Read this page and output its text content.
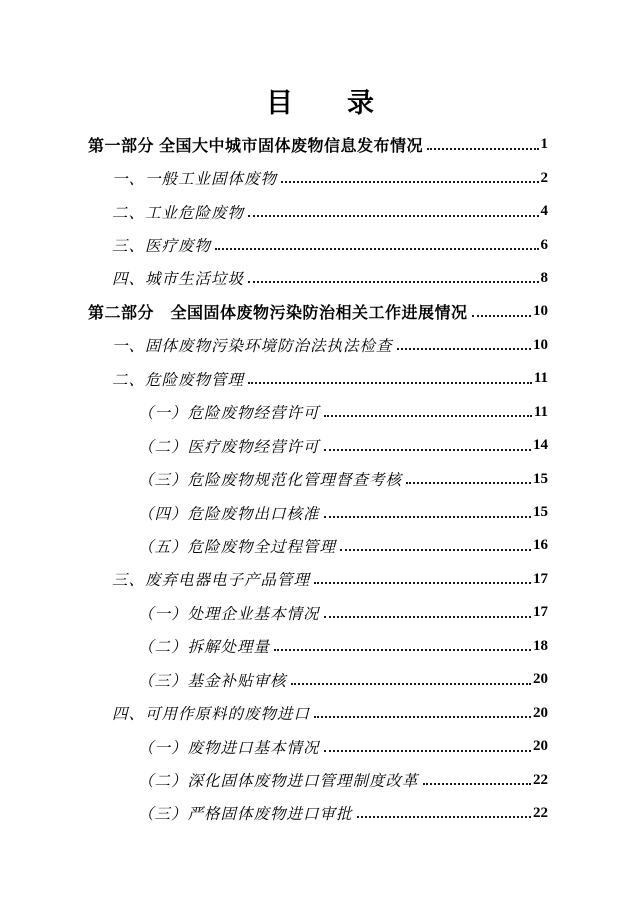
目　　录
第一部分 全国大中城市固体废物信息发布情况	1
一、一般工业固体废物	2
二、工业危险废物	4
三、医疗废物	6
四、城市生活垃圾	8
第二部分　全国固体废物污染防治相关工作进展情况	10
一、固体废物污染环境防治法执法检查	10
二、危险废物管理	11
（一）危险废物经营许可	11
（二）医疗废物经营许可	14
（三）危险废物规范化管理督查考核	15
（四）危险废物出口核准	15
（五）危险废物全过程管理	16
三、废弃电器电子产品管理	17
（一）处理企业基本情况	17
（二）拆解处理量	18
（三）基金补贴审核	20
四、可用作原料的废物进口	20
（一）废物进口基本情况	20
（二）深化固体废物进口管理制度改革	22
（三）严格固体废物进口审批	22
